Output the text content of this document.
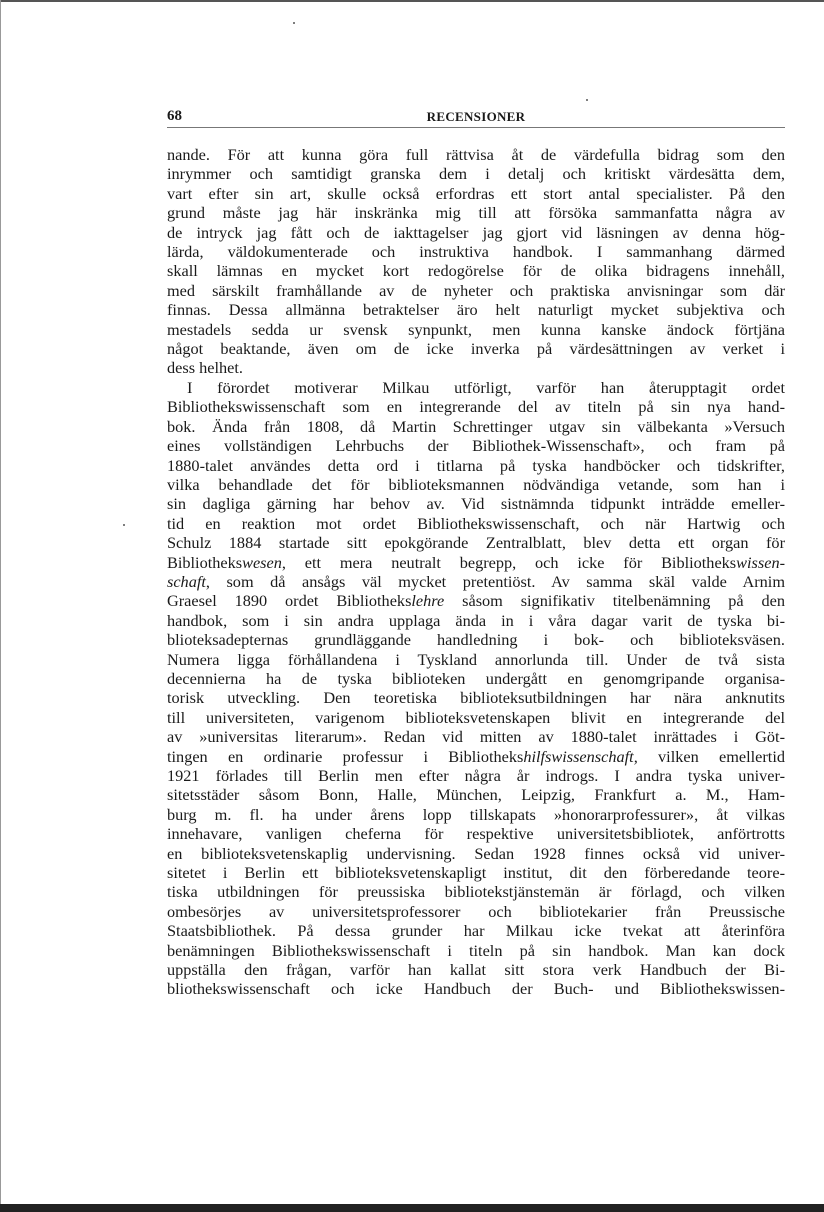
68	RECENSIONER
nande. För att kunna göra full rättvisa åt de värdefulla bidrag som den
inrymmer och samtidigt granska dem i detalj och kritiskt värdesätta dem,
vart efter sin art, skulle också erfordras ett stort antal specialister. På den
grund måste jag här inskränka mig till att försöka sammanfatta några av
de intryck jag fått och de iakttagelser jag gjort vid läsningen av denna hög-
lärda, väldokumenterade och instruktiva handbok. I sammanhang därmed
skall lämnas en mycket kort redogörelse för de olika bidragens innehåll,
med särskilt framhållande av de nyheter och praktiska anvisningar som där
finnas. Dessa allmänna betraktelser äro helt naturligt mycket subjektiva och
mestadels sedda ur svensk synpunkt, men kunna kanske ändock förtjäna
något beaktande, även om de icke inverka på värdesättningen av verket i
dess helhet.
I förordet motiverar Milkau utförligt, varför han återupptagit ordet
Bibliothekswissenschaft som en integrerande del av titeln på sin nya hand-
bok. Ända från 1808, då Martin Schrettinger utgav sin välbekanta »Versuch
eines vollständigen Lehrbuchs der Bibliothek-Wissenschaft», och fram på
1880-talet användes detta ord i titlarna på tyska handböcker och tidskrifter,
vilka behandlade det för biblioteksmannen nödvändiga vetande, som han i
sin dagliga gärning har behov av. Vid sistnämnda tidpunkt inträdde emeller-
tid en reaktion mot ordet Bibliothekswissenschaft, och när Hartwig och
Schulz 1884 startade sitt epokgörande Zentralblatt, blev detta ett organ för
Bibliothekswesen, ett mera neutralt begrepp, och icke för Bibliothekswissen-
schaft, som då ansågs väl mycket pretentiöst. Av samma skäl valde Arnim
Graesel 1890 ordet Bibliothekslehre såsom signifikativ titelbenämning på den
handbok, som i sin andra upplaga ända in i våra dagar varit de tyska bi-
blioteksadepternas grundläggande handledning i bok- och biblioteksväsen.
Numera ligga förhållandena i Tyskland annorlunda till. Under de två sista
decennierna ha de tyska biblioteken undergått en genomgripande organisa-
torisk utveckling. Den teoretiska biblioteksutbildningen har nära anknutits
till universiteten, varigenom biblioteksvetenskapen blivit en integrerande del
av »universitas literarum». Redan vid mitten av 1880-talet inrättades i Göt-
tingen en ordinarie professur i Bibliothekshilfswissenschaft, vilken emellertid
1921 förlades till Berlin men efter några år indrogs. I andra tyska univer-
sitetsstäder såsom Bonn, Halle, München, Leipzig, Frankfurt a. M., Ham-
burg m. fl. ha under årens lopp tillskapats »honorarprofessurer», åt vilkas
innehavare, vanligen cheferna för respektive universitetsbibliotek, anförtrotts
en biblioteksvetenskaplig undervisning. Sedan 1928 finnes också vid univer-
sitetet i Berlin ett biblioteksvetenskapligt institut, dit den förberedande teore-
tiska utbildningen för preussiska bibliotekstjänstemän är förlagd, och vilken
ombesörjes av universitetsprofessorer och bibliotekarier från Preussische
Staatsbibliothek. På dessa grunder har Milkau icke tvekat att återinföra
benämningen Bibliothekswissenschaft i titeln på sin handbok. Man kan dock
uppställa den frågan, varför han kallat sitt stora verk Handbuch der Bi-
bliothekswissenschaft och icke Handbuch der Buch- und Bibliothekswissen-
